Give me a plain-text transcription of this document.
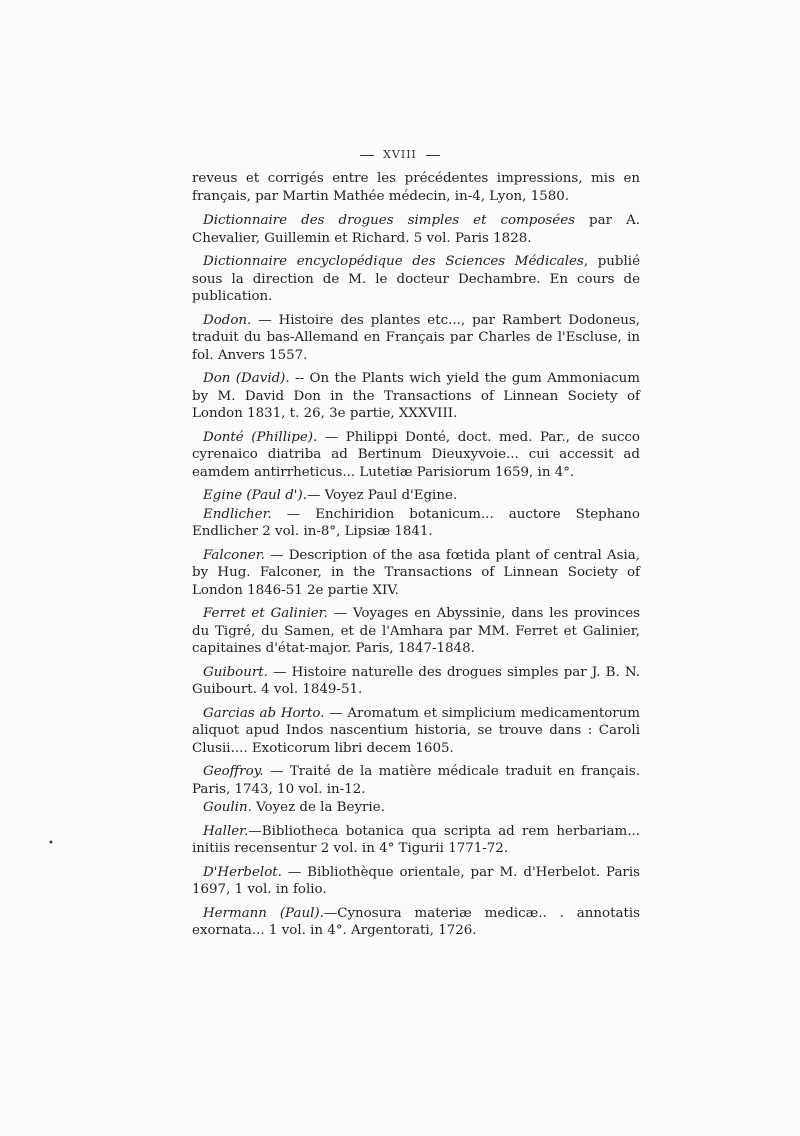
XVIII

reveus et corrigés entre les précédentes impressions, mis en français, par Martin Mathée médecin, in-4, Lyon, 1580.

Dictionnaire des drogues simples et composées par A. Chevalier, Guillemin et Richard. 5 vol. Paris 1828.

Dictionnaire encyclopédique des Sciences Médicales, publié sous la direction de M. le docteur Dechambre. En cours de publication.

Dodon. — Histoire des plantes etc..., par Rambert Dodoneus, traduit du bas-Allemand en Français par Charles de l'Escluse, in fol. Anvers 1557.

Don (David). -- On the Plants wich yield the gum Ammoniacum by M. David Don in the Transactions of Linnean Society of London 1831, t. 26, 3e partie, XXXVIII.

Donté (Phillipe). — Philippi Donté, doct. med. Par., de succo cyrenaico diatriba ad Bertinum Dieuxyvoie... cui accessit ad eamdem antirrheticus... Lutetiæ Parisiorum 1659, in 4°.

Egine (Paul d').— Voyez Paul d'Egine.

Endlicher. — Enchiridion botanicum... auctore Stephano Endlicher 2 vol. in-8°, Lipsiæ 1841.

Falconer. — Description of the asa fœtida plant of central Asia, by Hug. Falconer, in the Transactions of Linnean Society of London 1846-51 2e partie XIV.

Ferret et Galinier. — Voyages en Abyssinie, dans les provinces du Tigré, du Samen, et de l'Amhara par MM. Ferret et Galinier, capitaines d'état-major. Paris, 1847-1848.

Guibourt. — Histoire naturelle des drogues simples par J. B. N. Guibourt. 4 vol. 1849-51.

Garcias ab Horto. — Aromatum et simplicium medicamentorum aliquot apud Indos nascentium historia, se trouve dans : Caroli Clusii.... Exoticorum libri decem 1605.

Geoffroy. — Traité de la matière médicale traduit en français. Paris, 1743, 10 vol. in-12.

Goulin. Voyez de la Beyrie.

Haller.—Bibliotheca botanica qua scripta ad rem herbariam... initiis recensentur 2 vol. in 4° Tigurii 1771-72.

D'Herbelot. — Bibliothèque orientale, par M. d'Herbelot. Paris 1697, 1 vol. in folio.

Hermann (Paul).—Cynosura materiæ medicæ.. . annotatis exornata... 1 vol. in 4°. Argentorati, 1726.

•
